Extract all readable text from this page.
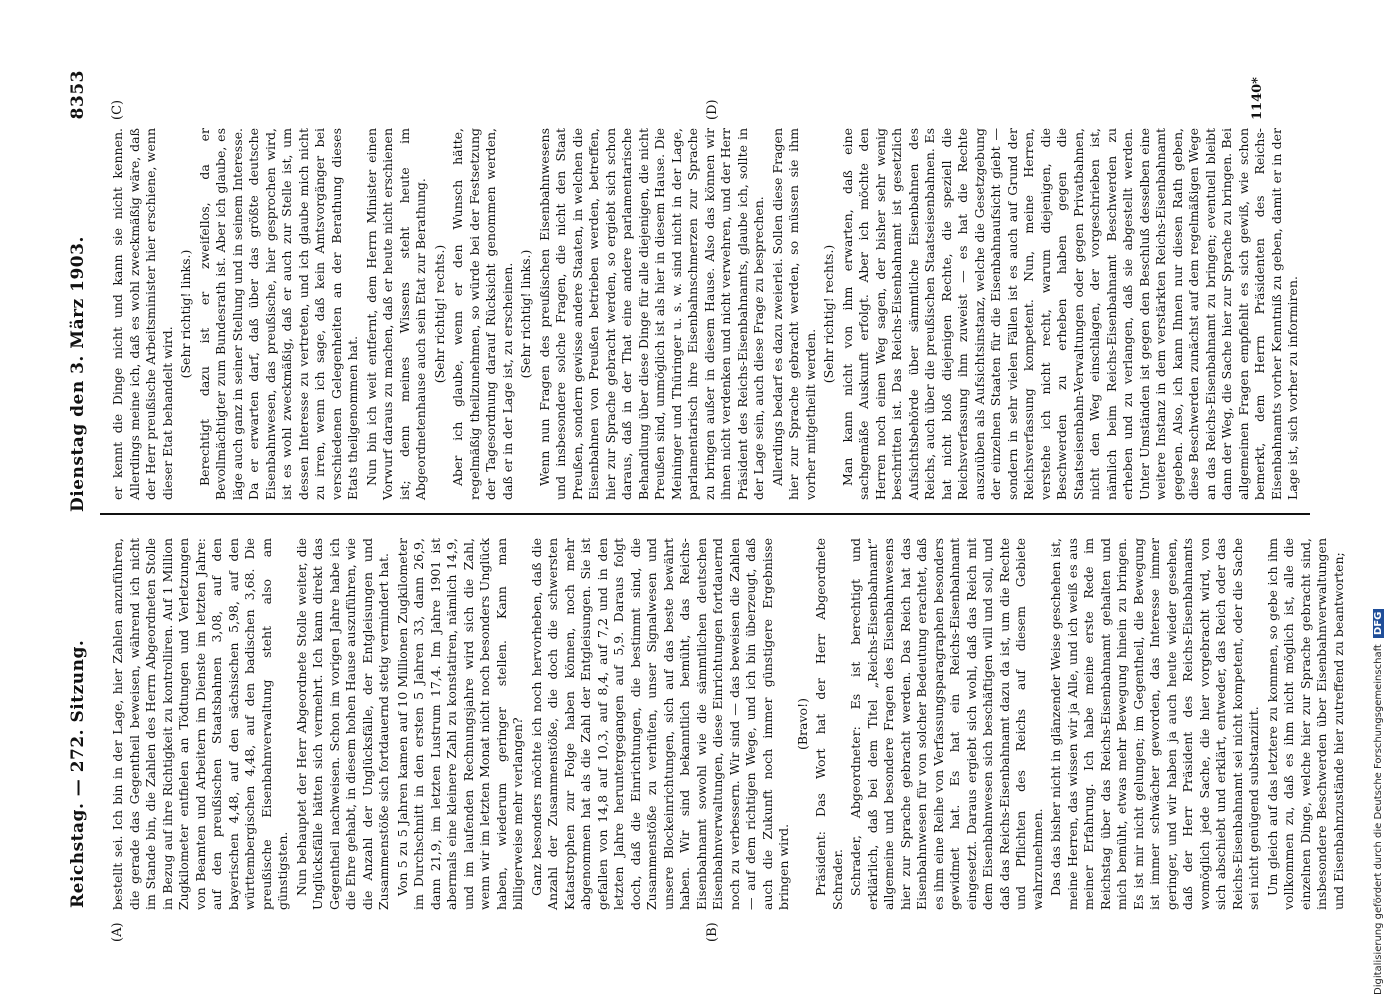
Reichstag. — 272. Sitzung.
Dienstag den 3. März 1903.
8353
(A)	(B)
(C)	(D)

bestellt sei. Ich bin in der Lage, hier Zahlen anzuführen, die gerade das Gegentheil beweisen, während ich nicht im Stande bin, die Zahlen des Herrn Abgeordneten Stolle in Bezug auf ihre Richtigkeit zu kontrolliren. Auf 1 Million Zugkilometer entfielen an Tödtungen und Verletzungen von Beamten und Arbeitern im Dienste im letzten Jahre: auf den preußischen Staatsbahnen 3,08, auf den bayerischen 4,48, auf den sächsischen 5,98, auf den württembergischen 4,48, auf den badischen 3,68. Die preußische Eisenbahnverwaltung steht also am günstigsten. Nun behauptet der Herr Abgeordnete Stolle weiter, die Unglücksfälle hätten sich vermehrt. Ich kann direkt das Gegentheil nachweisen. Schon im vorigen Jahre habe ich die Ehre gehabt, in diesem hohen Hause auszuführen, wie die Anzahl der Unglücksfälle, der Entgleisungen und Zusammenstöße sich fortdauernd stetig vermindert hat. Von 5 zu 5 Jahren kamen auf 10 Millionen Zugkilometer im Durchschnitt in den ersten 5 Jahren 33, dann 26,9, dann 21,9, im letzten Lustrum 17,4. Im Jahre 1901 ist abermals eine kleinere Zahl zu konstatiren, nämlich 14,9, und im laufenden Rechnungsjahre wird sich die Zahl, wenn wir im letzten Monat nicht noch besonders Unglück haben, wiederum geringer stellen. Kann man billigerweise mehr verlangen? Ganz besonders möchte ich noch hervorheben, daß die Anzahl der Zusammenstöße, die doch die schwersten Katastrophen zur Folge haben können, noch mehr abgenommen hat als die Zahl der Entgleisungen. Sie ist gefallen von 14,8 auf 10,3, auf 8,4, auf 7,2 und in den letzten Jahre heruntergegangen auf 5,9. Daraus folgt doch, daß die Einrichtungen, die bestimmt sind, die Zusammenstöße zu verhüten, unser Signalwesen und unsere Blockeinrichtungen, sich auf das beste bewährt haben. Wir sind bekanntlich bemüht, das Reichs-Eisenbahnamt sowohl wie die sämmtlichen deutschen Eisenbahnverwaltungen, diese Einrichtungen fortdauernd noch zu verbessern. Wir sind — das beweisen die Zahlen — auf dem richtigen Wege, und ich bin überzeugt, daß auch die Zukunft noch immer günstigere Ergebnisse bringen wird.

(Bravo!) Präsident: Das Wort hat der Herr Abgeordnete Schrader. Schrader, Abgeordneter: Es ist berechtigt und erklärlich, daß bei dem Titel „Reichs-Eisenbahnamt“ allgemeine und besondere Fragen des Eisenbahnwesens hier zur Sprache gebracht werden. Das Reich hat das Eisenbahnwesen für von solcher Bedeutung erachtet, daß es ihm eine Reihe von Verfassungsparagraphen besonders gewidmet hat. Es hat ein Reichs-Eisenbahnamt eingesetzt. Daraus ergiebt sich wohl, daß das Reich mit dem Eisenbahnwesen sich beschäftigen will und soll, und daß das Reichs-Eisenbahnamt dazu da ist, um die Rechte und Pflichten des Reichs auf diesem Gebiete wahrzunehmen. Das das bisher nicht in glänzender Weise geschehen ist, meine Herren, das wissen wir ja Alle, und ich weiß es aus meiner Erfahrung. Ich habe meine erste Rede im Reichstag über das Reichs-Eisenbahnamt gehalten und mich bemüht, etwas mehr Bewegung hinein zu bringen. Es ist mir nicht gelungen; im Gegentheil, die Bewegung ist immer schwächer geworden, das Interesse immer geringer, und wir haben ja auch heute wieder gesehen, daß der Herr Präsident des Reichs-Eisenbahnamts womöglich jede Sache, die hier vorgebracht wird, von sich abschiebt und erklärt, entweder, das Reich oder das Reichs-Eisenbahnamt sei nicht kompetent, oder die Sache sei nicht genügend substanziirt. Um gleich auf das letztere zu kommen, so gebe ich ihm vollkommen zu, daß es ihm nicht möglich ist, alle die einzelnen Dinge, welche hier zur Sprache gebracht sind, insbesondere Beschwerden über Eisenbahnverwaltungen und Eisenbahnzustände hier zutreffend zu beantworten;

er kennt die Dinge nicht und kann sie nicht kennen. Allerdings meine ich, daß es wohl zweckmäßig wäre, daß der Herr preußische Arbeitsminister hier erschiene, wenn dieser Etat behandelt wird.

(Sehr richtig! links.) Berechtigt dazu ist er zweifellos, da er Bevollmächtigter zum Bundesrath ist. Aber ich glaube, es läge auch ganz in seiner Stellung und in seinem Interesse. Da er erwarten darf, daß über das größte deutsche Eisenbahnwesen, das preußische, hier gesprochen wird, ist es wohl zweckmäßig, daß er auch zur Stelle ist, um dessen Interesse zu vertreten, und ich glaube mich nicht zu irren, wenn ich sage, daß kein Amtsvorgänger bei verschiedenen Gelegenheiten an der Berathung dieses Etats theilgenommen hat. Nun bin ich weit entfernt, dem Herrn Minister einen Vorwurf daraus zu machen, daß er heute nicht erschienen ist; denn meines Wissens steht heute im Abgeordnetenhause auch sein Etat zur Berathung. (Sehr richtig! rechts.) Aber ich glaube, wenn er den Wunsch hätte, regelmäßig theilzunehmen, so würde bei der Festsetzung der Tagesordnung darauf Rücksicht genommen werden, daß er in der Lage ist, zu erscheinen. (Sehr richtig! links.) Wenn nun Fragen des preußischen Eisenbahnwesens und insbesondere solche Fragen, die nicht den Staat Preußen, sondern gewisse andere Staaten, in welchen die Eisenbahnen von Preußen betrieben werden, betreffen, hier zur Sprache gebracht werden, so ergiebt sich schon daraus, daß in der That eine andere parlamentarische Behandlung über diese Dinge für alle diejenigen, die nicht Preußen sind, unmöglich ist als hier in diesem Hause. Die Meininger und Thüringer u. s. w. sind nicht in der Lage, parlamentarisch ihre Eisenbahnschmerzen zur Sprache zu bringen außer in diesem Hause. Also das können wir ihnen nicht verdenken und nicht verwehren, und der Herr Präsident des Reichs-Eisenbahnamts, glaube ich, sollte in der Lage sein, auch diese Frage zu besprechen. Allerdings bedarf es dazu zweierlei. Sollen diese Fragen hier zur Sprache gebracht werden, so müssen sie ihm vorher mitgetheilt werden.

(Sehr richtig! rechts.) Man kann nicht von ihm erwarten, daß eine sachgemäße Auskunft erfolgt. Aber ich möchte den Herren noch einen Weg sagen, der bisher sehr wenig beschritten ist. Das Reichs-Eisenbahnamt ist gesetzlich Aufsichtsbehörde über sämmtliche Eisenbahnen des Reichs, auch über die preußischen Staatseisenbahnen. Es hat nicht bloß diejenigen Rechte, die speziell die Reichsverfassung ihm zuweist — es hat die Rechte auszuüben als Aufsichtsinstanz, welche die Gesetzgebung der einzelnen Staaten für die Eisenbahnaufsicht giebt — sondern in sehr vielen Fällen ist es auch auf Grund der Reichsverfassung kompetent. Nun, meine Herren, verstehe ich nicht recht, warum diejenigen, die Beschwerden zu erheben haben gegen die Staatseisenbahn-Verwaltungen oder gegen Privatbahnen, nicht den Weg einschlagen, der vorgeschrieben ist, nämlich beim Reichs-Eisenbahnamt Beschwerden zu erheben und zu verlangen, daß sie abgestellt werden. Unter Umständen ist gegen den Beschluß desselben eine weitere Instanz in dem verstärkten Reichs-Eisenbahnamt gegeben. Also, ich kann Ihnen nur diesen Rath geben, diese Beschwerden zunächst auf dem regelmäßigen Wege an das Reichs-Eisenbahnamt zu bringen; eventuell bleibt dann der Weg, die Sache hier zur Sprache zu bringen. Bei allgemeinen Fragen empfiehlt es sich gewiß, wie schon bemerkt, dem Herrn Präsidenten des Reichs-Eisenbahnamts vorher Kenntniß zu geben, damit er in der Lage ist, sich vorher zu informiren.

1140*
Digitalisierung gefördert durch die Deutsche Forschungsgemeinschaft DFG
